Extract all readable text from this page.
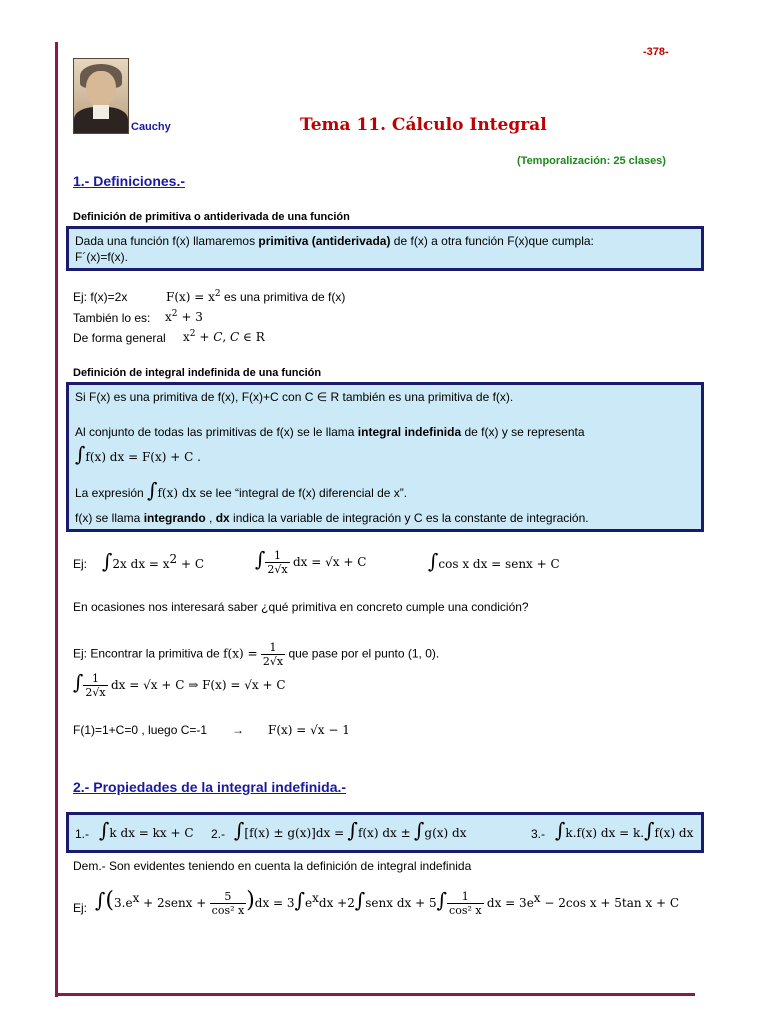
-378-
Cauchy	Tema 11. Cálculo Integral
(Temporalización: 25 clases)
1.- Definiciones.-
Definición de primitiva o antiderivada de una función
Dada una función f(x) llamaremos primitiva (antiderivada) de f(x) a otra función F(x)que cumpla:
F´(x)=f(x).
Ej: f(x)=2x	$F(x) = x^2$ es una primitiva de f(x)
También lo es: $x^2 + 3$
De forma general $x^2 + C$, C ∈ R
Definición de integral indefinida de una función
Si F(x) es una primitiva de f(x), F(x)+C con C ∈ R también es una primitiva de f(x).
Al conjunto de todas las primitivas de f(x) se le llama integral indefinida de f(x) y se representa
∫f(x) dx = F(x) + C .
La expresión ∫f(x) dx se lee “integral de f(x) diferencial de x”.
f(x) se llama integrando , dx indica la variable de integración y C es la constante de integración.
Ej: ∫2x dx = $x^2 + C$	∫ $\frac{1}{2√x}$ dx = √x + C	∫cos x dx = senx + C
En ocasiones nos interesará saber ¿qué primitiva en concreto cumple una condición?
Ej: Encontrar la primitiva de $f(x) = \frac{1}{2√x}$ que pase por el punto (1, 0).
∫ $\frac{1}{2√x}$ dx = √x + C ⇒ F(x) = √x + C
F(1)=1+C=0 , luego C=-1 → F(x) = √x − 1
2.- Propiedades de la integral indefinida.-
1.- ∫k dx = kx + C 2.- ∫[f(x) ± g(x)]dx = ∫f(x) dx ± ∫g(x) dx	3.- ∫k.f(x) dx = k.∫f(x) dx
Dem.- Son evidentes teniendo en cuenta la definición de integral indefinida
Ej: $\int(3.e^x$ + 2senx + $\frac{5}{\text{cos² x}} )dx = 3\int e^xdx$ +2∫senx dx + $5\int \frac{1}{\text{cos² x}}$ dx = $3e^x - 2\cos$ x + 5tan x + C
